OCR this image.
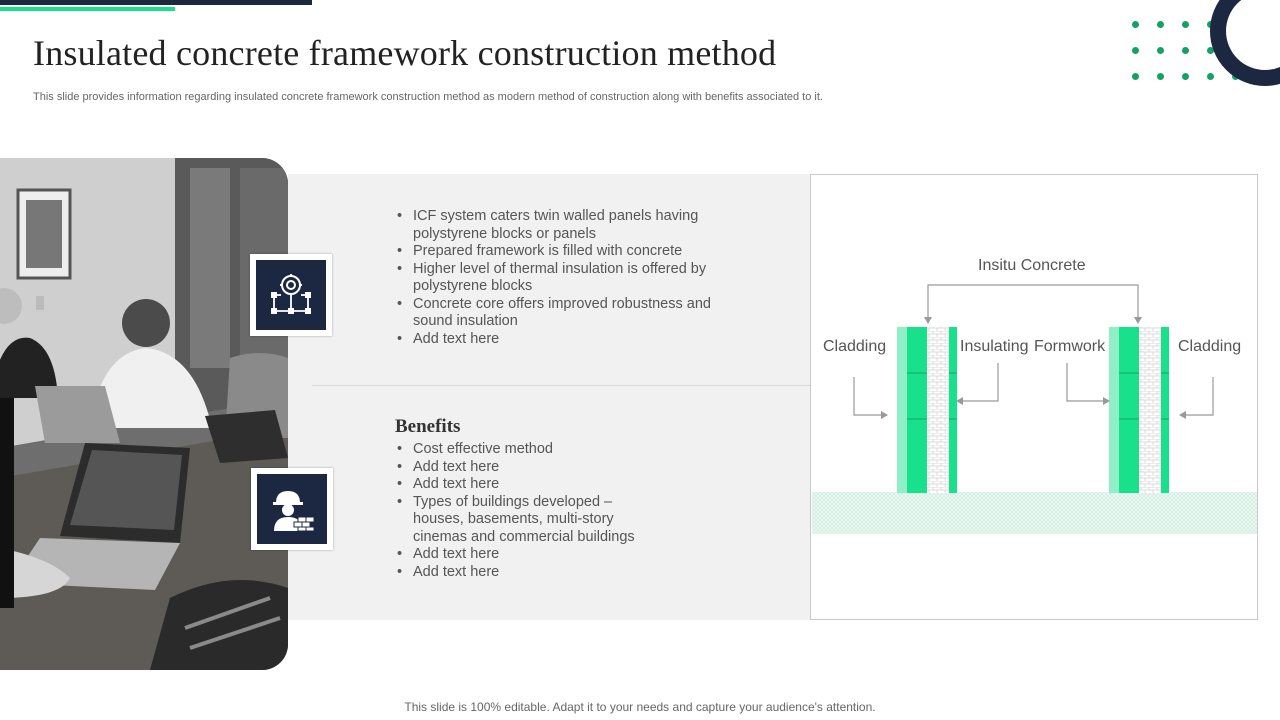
Insulated concrete framework construction method
This slide provides information regarding insulated concrete framework construction method as modern method of construction along with benefits associated to it.
• ICF system caters twin walled panels having polystyrene blocks or panels
• Prepared framework is filled with concrete
• Higher level of thermal insulation is offered by polystyrene blocks
• Concrete core offers improved robustness and sound insulation
• Add text here
Benefits
• Cost effective method
• Add text here
• Add text here
• Types of buildings developed – houses, basements, multi-story cinemas and commercial buildings
• Add text here
• Add text here
Insitu Concrete
Cladding	Insulating Formwork	Cladding
This slide is 100% editable. Adapt it to your needs and capture your audience's attention.
